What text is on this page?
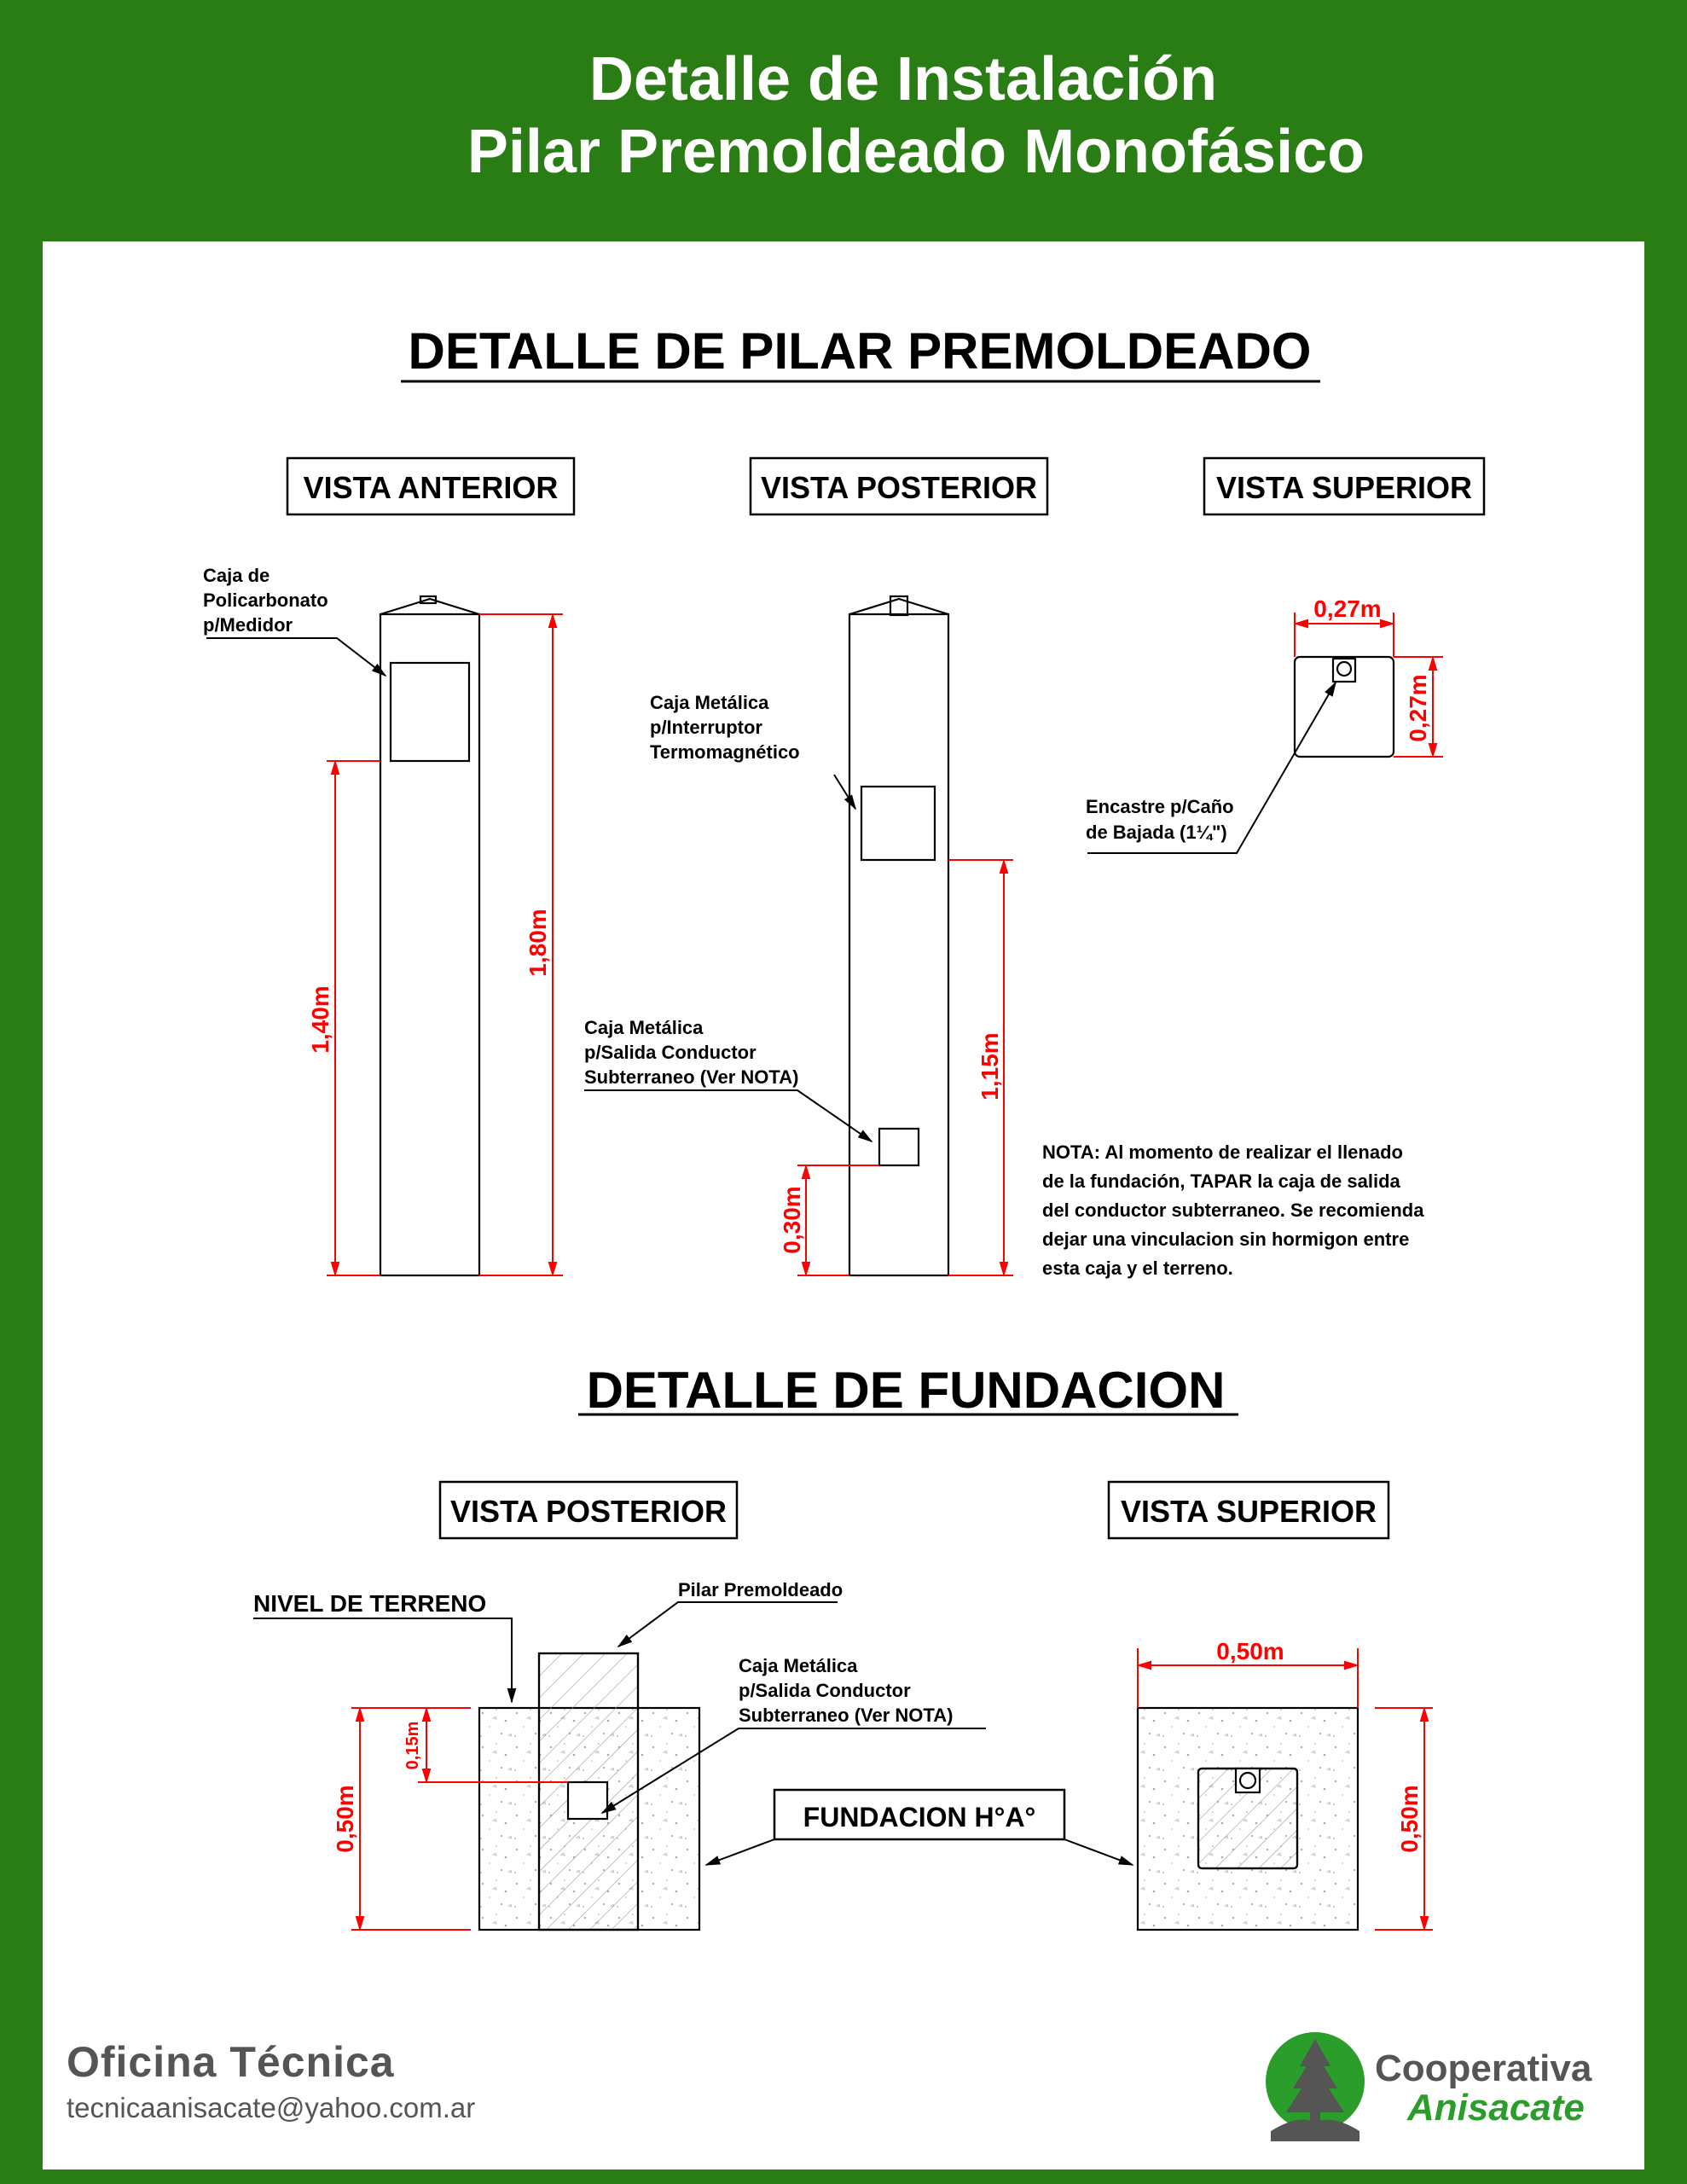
Detalle de Instalación
Pilar Premoldeado Monofásico
DETALLE DE PILAR PREMOLDEADO
VISTA ANTERIOR	VISTA POSTERIOR	VISTA SUPERIOR
Caja de Policarbonato p/Medidor
1,40m
1,80m
Caja Metálica p/Interruptor Termomagnético
Caja Metálica p/Salida Conductor Subterraneo (Ver NOTA)
0,30m
1,15m
0,27m
0,27m
Encastre p/Caño de Bajada (1¼")
NOTA: Al momento de realizar el llenado de la fundación, TAPAR la caja de salida del conductor subterraneo. Se recomienda dejar una vinculacion sin hormigon entre esta caja y el terreno.
DETALLE DE FUNDACION
VISTA POSTERIOR	VISTA SUPERIOR
NIVEL DE TERRENO
Pilar Premoldeado
Caja Metálica p/Salida Conductor Subterraneo (Ver NOTA)
FUNDACION H°A°
0,50m
0,15m
0,50m
0,50m
Oficina Técnica
tecnicaanisacate@yahoo.com.ar
Cooperativa
Anisacate
